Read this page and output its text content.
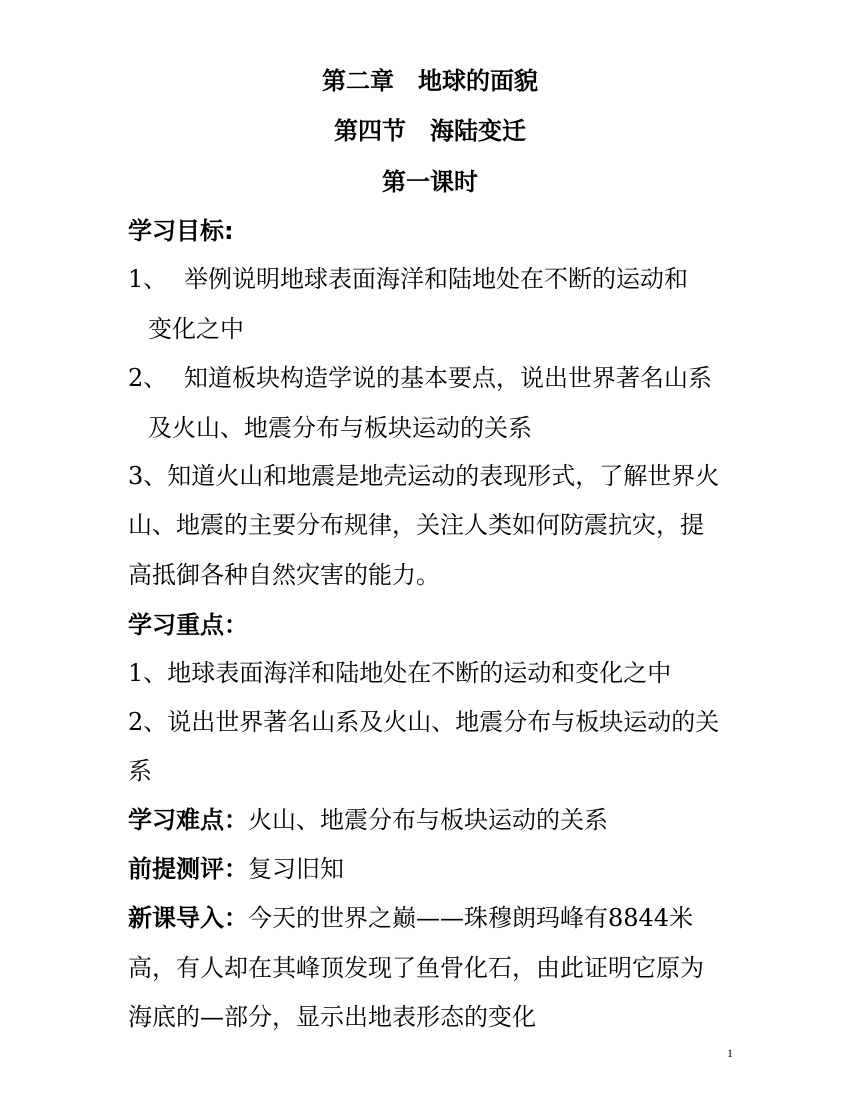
第二章　地球的面貌
第四节　海陆变迁
第一课时
学习目标:
1、 举例说明地球表面海洋和陆地处在不断的运动和
变化之中
2、 知道板块构造学说的基本要点，说出世界著名山系
及火山、地震分布与板块运动的关系
3、知道火山和地震是地壳运动的表现形式，了解世界火
山、地震的主要分布规律，关注人类如何防震抗灾，提
高抵御各种自然灾害的能力。
学习重点：
1、地球表面海洋和陆地处在不断的运动和变化之中
2、说出世界著名山系及火山、地震分布与板块运动的关
系
学习难点：火山、地震分布与板块运动的关系
前提测评：复习旧知
新课导入：今天的世界之巅——珠穆朗玛峰有8844米
高，有人却在其峰顶发现了鱼骨化石，由此证明它原为
海底的—部分，显示出地表形态的变化
1
